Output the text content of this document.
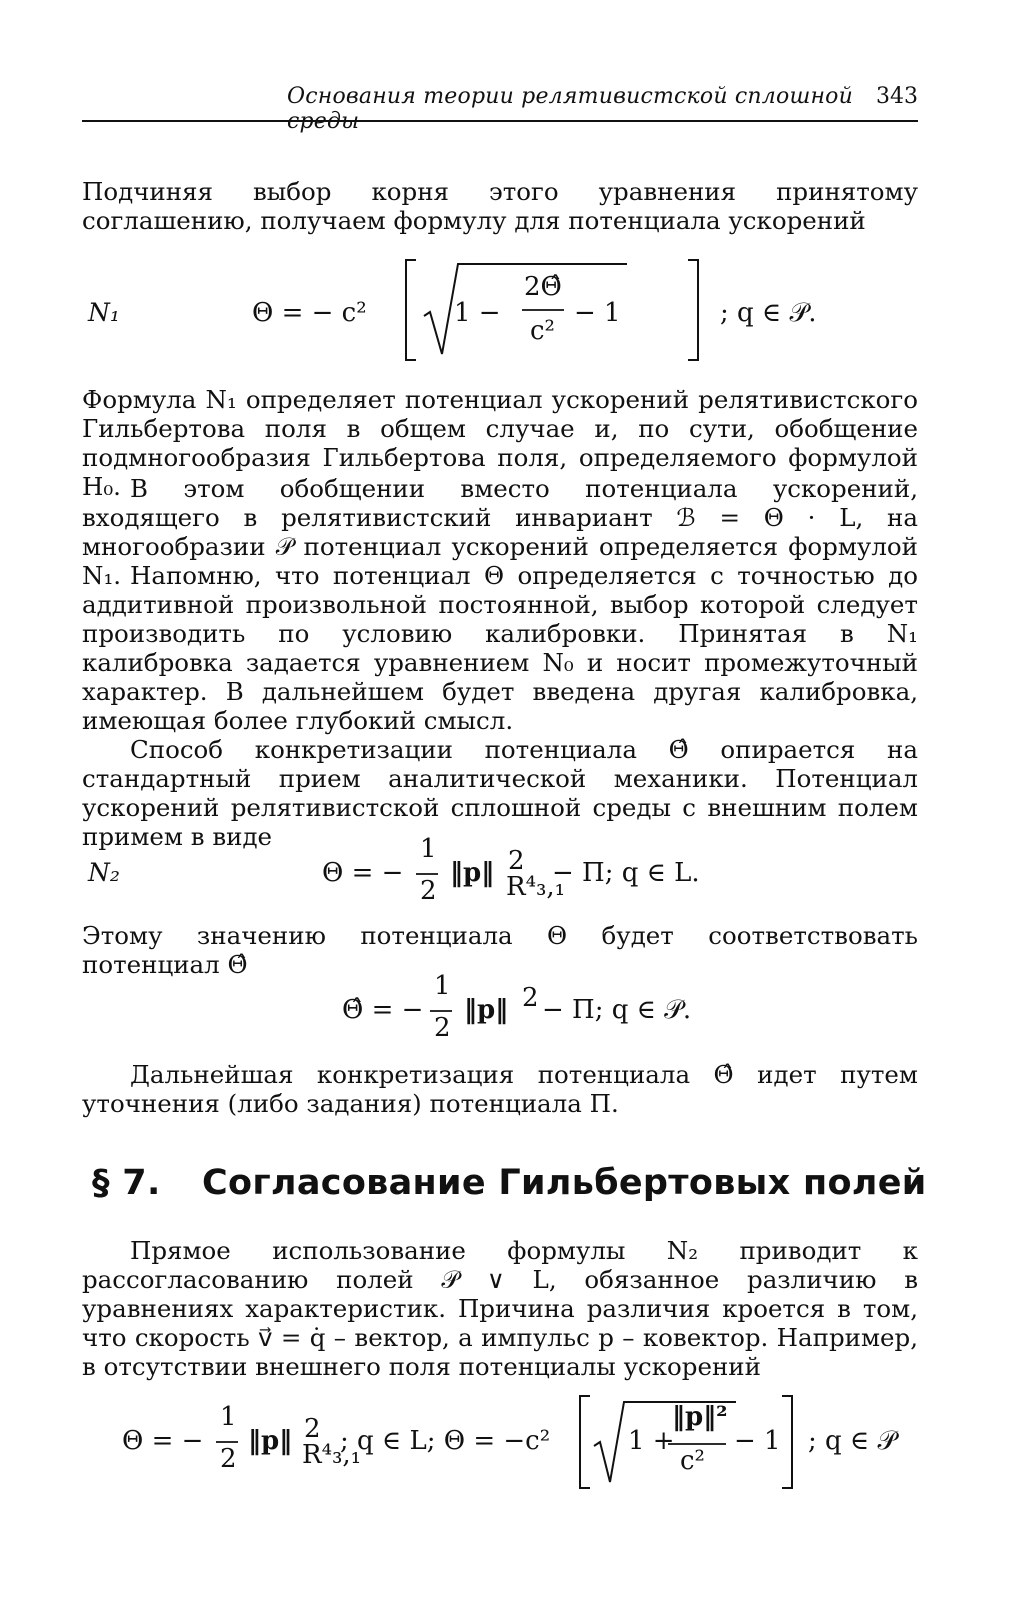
Основания теории релятивистской сплошной среды
343
Подчиняя выбор корня этого уравнения принятому соглашению, получаем формулу для потенциала ускорений
N₁	Θ = − c²	1 −
2Θ̂
c²
− 1	; q ∈ 𝒫.
Формула N₁ определяет потенциал ускорений релятивистского Гильбертова поля в общем случае и, по сути, обобщение подмногообразия Гильбертова поля, определяемого формулой H₀. В этом обобщении вместо потенциала ускорений, входящего в релятивистский инвариант ℬ = Θ · L, на многообразии 𝒫 потенциал ускорений определяется формулой N₁. Напомню, что потенциал Θ определяется с точностью до аддитивной произвольной постоянной, выбор которой следует производить по условию калибровки. Принятая в N₁ калибровка задается уравнением N₀ и носит промежуточный характер. В дальнейшем будет введена другая калибровка, имеющая более глубокий смысл.
Способ конкретизации потенциала Θ̂ опирается на стандартный прием аналитической механики. Потенциал ускорений релятивистской сплошной среды с внешним полем примем в виде
N₂	Θ = −
1
2
‖p‖ 2
R⁴₃,₁
− Π; q ∈ L.
Этому значению потенциала Θ будет соответствовать потенциал Θ̂
Θ̂ = −
1
2
‖p‖ 2 − Π; q ∈ 𝒫.
Дальнейшая конкретизация потенциала Θ̂ идет путем уточнения (либо задания) потенциала Π.
§ 7. Согласование Гильбертовых полей
Прямое использование формулы N₂ приводит к рассогласованию полей 𝒫 ∨ L, обязанное различию в уравнениях характеристик. Причина различия кроется в том, что скорость v⃗ = q̇ – вектор, а импульс p – ковектор. Например, в отсутствии внешнего поля потенциалы ускорений
Θ = −
1
2
‖p‖ 2
R⁴₃,₁
; q ∈ L; Θ = −c²	1 +
‖p‖²
c²
− 1 ; q ∈ 𝒫
